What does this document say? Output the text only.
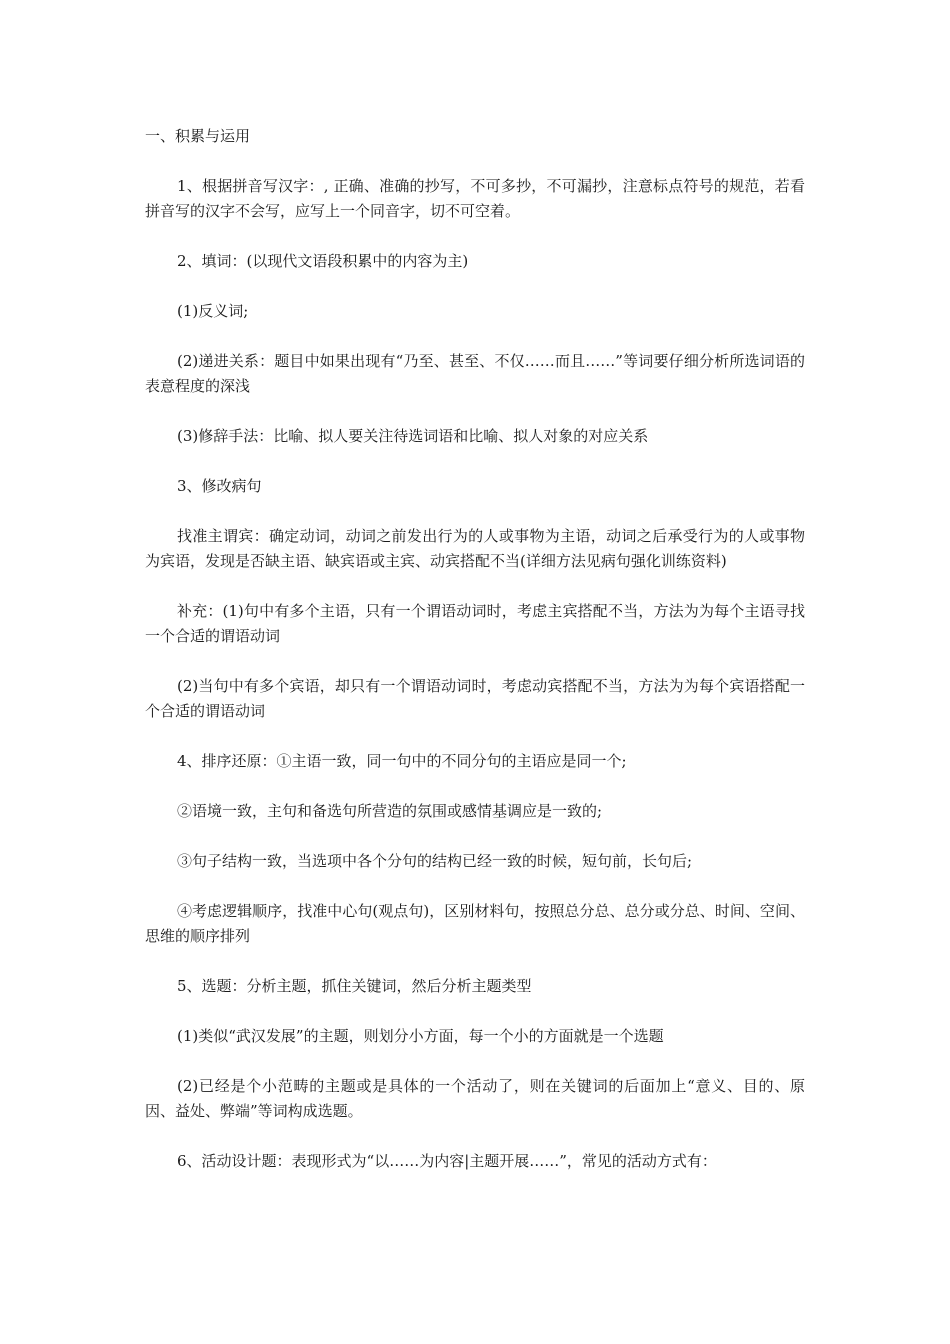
一、积累与运用

1、根据拼音写汉字：, 正确、准确的抄写，不可多抄，不可漏抄，注意标点符号的规范，若看拼音写的汉字不会写，应写上一个同音字，切不可空着。

2、填词：(以现代文语段积累中的内容为主)

(1)反义词;

(2)递进关系：题目中如果出现有“乃至、甚至、不仅……而且……”等词要仔细分析所选词语的表意程度的深浅

(3)修辞手法：比喻、拟人要关注待选词语和比喻、拟人对象的对应关系

3、修改病句

找准主谓宾：确定动词，动词之前发出行为的人或事物为主语，动词之后承受行为的人或事物为宾语，发现是否缺主语、缺宾语或主宾、动宾搭配不当(详细方法见病句强化训练资料)

补充：(1)句中有多个主语，只有一个谓语动词时，考虑主宾搭配不当，方法为为每个主语寻找一个合适的谓语动词

(2)当句中有多个宾语，却只有一个谓语动词时，考虑动宾搭配不当，方法为为每个宾语搭配一个合适的谓语动词

4、排序还原：①主语一致，同一句中的不同分句的主语应是同一个;

②语境一致，主句和备选句所营造的氛围或感情基调应是一致的;

③句子结构一致，当选项中各个分句的结构已经一致的时候，短句前，长句后;

④考虑逻辑顺序，找准中心句(观点句)，区别材料句，按照总分总、总分或分总、时间、空间、思维的顺序排列

5、选题：分析主题，抓住关键词，然后分析主题类型

(1)类似“武汉发展”的主题，则划分小方面，每一个小的方面就是一个选题

(2)已经是个小范畴的主题或是具体的一个活动了，则在关键词的后面加上“意义、目的、原因、益处、弊端”等词构成选题。

6、活动设计题：表现形式为“以……为内容|主题开展……”，常见的活动方式有：
